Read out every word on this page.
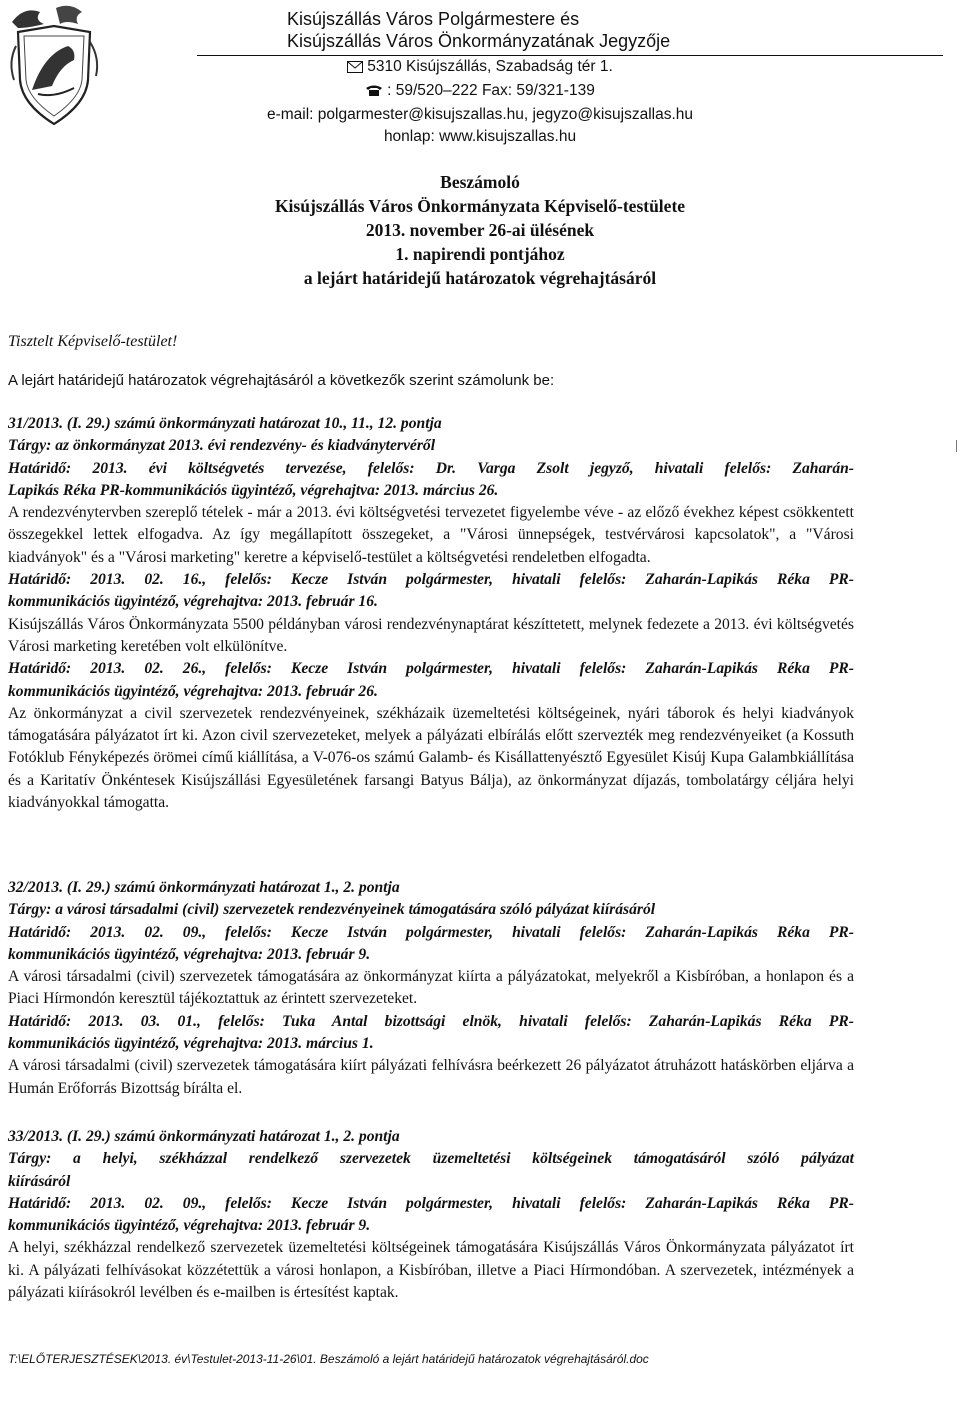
Kisújszállás Város Polgármestere és
Kisújszállás Város Önkormányzatának Jegyzője
5310 Kisújszállás, Szabadság tér 1.
: 59/520–222 Fax: 59/321-139
e-mail: polgarmester@kisujszallas.hu, jegyzo@kisujszallas.hu
honlap: www.kisujszallas.hu
Beszámoló
Kisújszállás Város Önkormányzata Képviselő-testülete
2013. november 26-ai ülésének
1. napirendi pontjához
a lejárt határidejű határozatok végrehajtásáról
Tisztelt Képviselő-testület!
A lejárt határidejű határozatok végrehajtásáról a következők szerint számolunk be:

31/2013. (I. 29.) számú önkormányzati határozat 10., 11., 12. pontja

Tárgy: az önkormányzat 2013. évi rendezvény- és kiadványtervéről

Határidő: 2013. évi költségvetés tervezése, felelős: Dr. Varga Zsolt jegyző, hivatali felelős: Zaharán-

Lapikás Réka PR-kommunikációs ügyintéző, végrehajtva: 2013. március 26.

A rendezvénytervben szereplő tételek - már a 2013. évi költségvetési tervezetet figyelembe véve - az előző évekhez képest csökkentett összegekkel lettek elfogadva. Az így megállapított összegeket, a "Városi ünnepségek, testvérvárosi kapcsolatok", a "Városi kiadványok" és a "Városi marketing" keretre a képviselő-testület a költségvetési rendeletben elfogadta.

Határidő: 2013. 02. 16., felelős: Kecze István polgármester, hivatali felelős: Zaharán-Lapikás Réka PR-

kommunikációs ügyintéző, végrehajtva: 2013. február 16.

Kisújszállás Város Önkormányzata 5500 példányban városi rendezvénynaptárat készíttetett, melynek fedezete a 2013. évi költségvetés Városi marketing keretében volt elkülönítve.

Határidő: 2013. 02. 26., felelős: Kecze István polgármester, hivatali felelős: Zaharán-Lapikás Réka PR-

kommunikációs ügyintéző, végrehajtva: 2013. február 26.

Az önkormányzat a civil szervezetek rendezvényeinek, székházaik üzemeltetési költségeinek, nyári táborok és helyi kiadványok támogatására pályázatot írt ki. Azon civil szervezeteket, melyek a pályázati elbírálás előtt szervezték meg rendezvényeiket (a Kossuth Fotóklub Fényképezés örömei című kiállítása, a V-076-os számú Galamb- és Kisállattenyésztő Egyesület Kisúj Kupa Galambkiállítása és a Karitatív Önkéntesek Kisújszállási Egyesületének farsangi Batyus Bálja), az önkormányzat díjazás, tombolatárgy céljára helyi kiadványokkal támogatta.

32/2013. (I. 29.) számú önkormányzati határozat 1., 2. pontja

Tárgy: a városi társadalmi (civil) szervezetek rendezvényeinek támogatására szóló pályázat kiírásáról

Határidő: 2013. 02. 09., felelős: Kecze István polgármester, hivatali felelős: Zaharán-Lapikás Réka PR-

kommunikációs ügyintéző, végrehajtva: 2013. február 9.

A városi társadalmi (civil) szervezetek támogatására az önkormányzat kiírta a pályázatokat, melyekről a Kisbíróban, a honlapon és a Piaci Hírmondón keresztül tájékoztattuk az érintett szervezeteket.

Határidő: 2013. 03. 01., felelős: Tuka Antal bizottsági elnök, hivatali felelős: Zaharán-Lapikás Réka PR-

kommunikációs ügyintéző, végrehajtva: 2013. március 1.

A városi társadalmi (civil) szervezetek támogatására kiírt pályázati felhívásra beérkezett 26 pályázatot átruházott hatáskörben eljárva a Humán Erőforrás Bizottság bírálta el.

33/2013. (I. 29.) számú önkormányzati határozat 1., 2. pontja

Tárgy: a helyi, székházzal rendelkező szervezetek üzemeltetési költségeinek támogatásáról szóló pályázat

kiírásáról

Határidő: 2013. 02. 09., felelős: Kecze István polgármester, hivatali felelős: Zaharán-Lapikás Réka PR-

kommunikációs ügyintéző, végrehajtva: 2013. február 9.

A helyi, székházzal rendelkező szervezetek üzemeltetési költségeinek támogatására Kisújszállás Város Önkormányzata pályázatot írt ki. A pályázati felhívásokat közzétettük a városi honlapon, a Kisbíróban, illetve a Piaci Hírmondóban. A szervezetek, intézmények a pályázati kiírásokról levélben és e-mailben is értesítést kaptak.

T:\ELŐTERJESZTÉSEK\2013. év\Testulet-2013-11-26\01. Beszámoló a lejárt határidejű határozatok végrehajtásáról.doc
